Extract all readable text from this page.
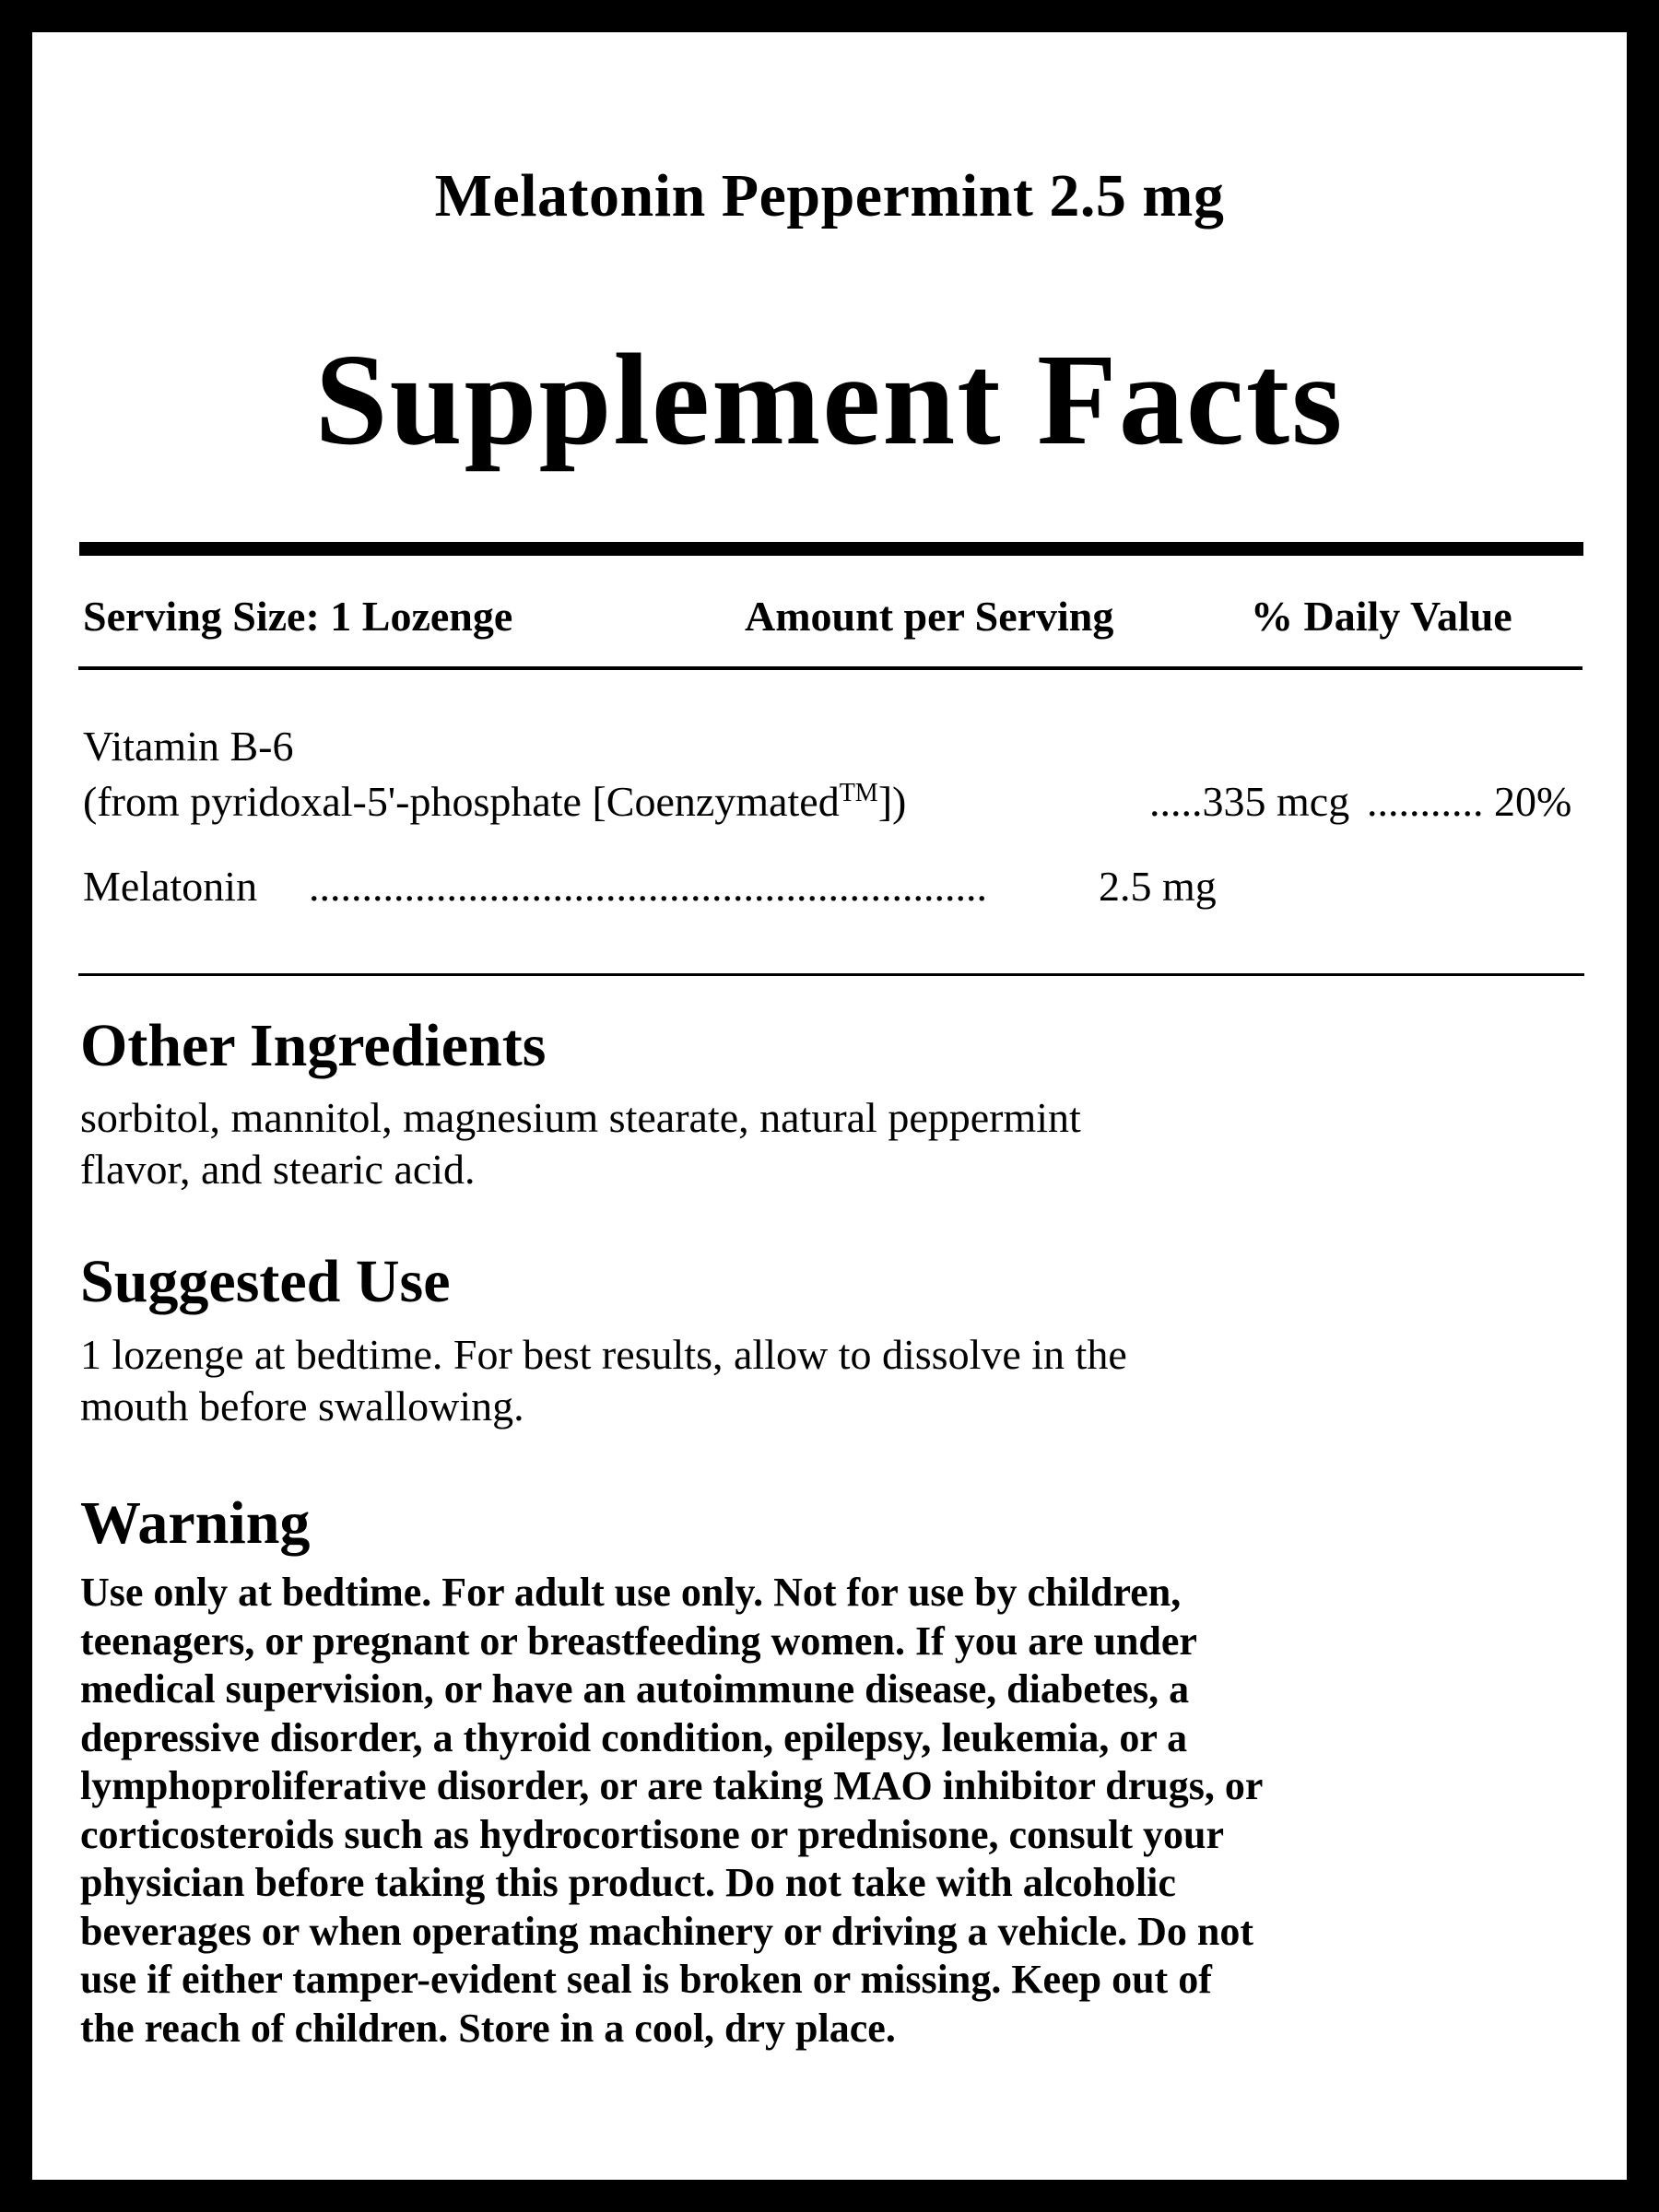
Melatonin Peppermint 2.5 mg
Supplement Facts
Serving Size: 1 Lozenge	Amount per Serving	% Daily Value
Vitamin B-6
(from pyridoxal-5'-phosphate [Coenzymated™])	.....335 mcg ........... 20%
Melatonin ................................................................	2.5 mg
Other Ingredients
sorbitol, mannitol, magnesium stearate, natural peppermint
flavor, and stearic acid.
Suggested Use
1 lozenge at bedtime. For best results, allow to dissolve in the
mouth before swallowing.
Warning
Use only at bedtime. For adult use only. Not for use by children,
teenagers, or pregnant or breastfeeding women. If you are under
medical supervision, or have an autoimmune disease, diabetes, a
depressive disorder, a thyroid condition, epilepsy, leukemia, or a
lymphoproliferative disorder, or are taking MAO inhibitor drugs, or
corticosteroids such as hydrocortisone or prednisone, consult your
physician before taking this product. Do not take with alcoholic
beverages or when operating machinery or driving a vehicle. Do not
use if either tamper-evident seal is broken or missing. Keep out of
the reach of children. Store in a cool, dry place.
